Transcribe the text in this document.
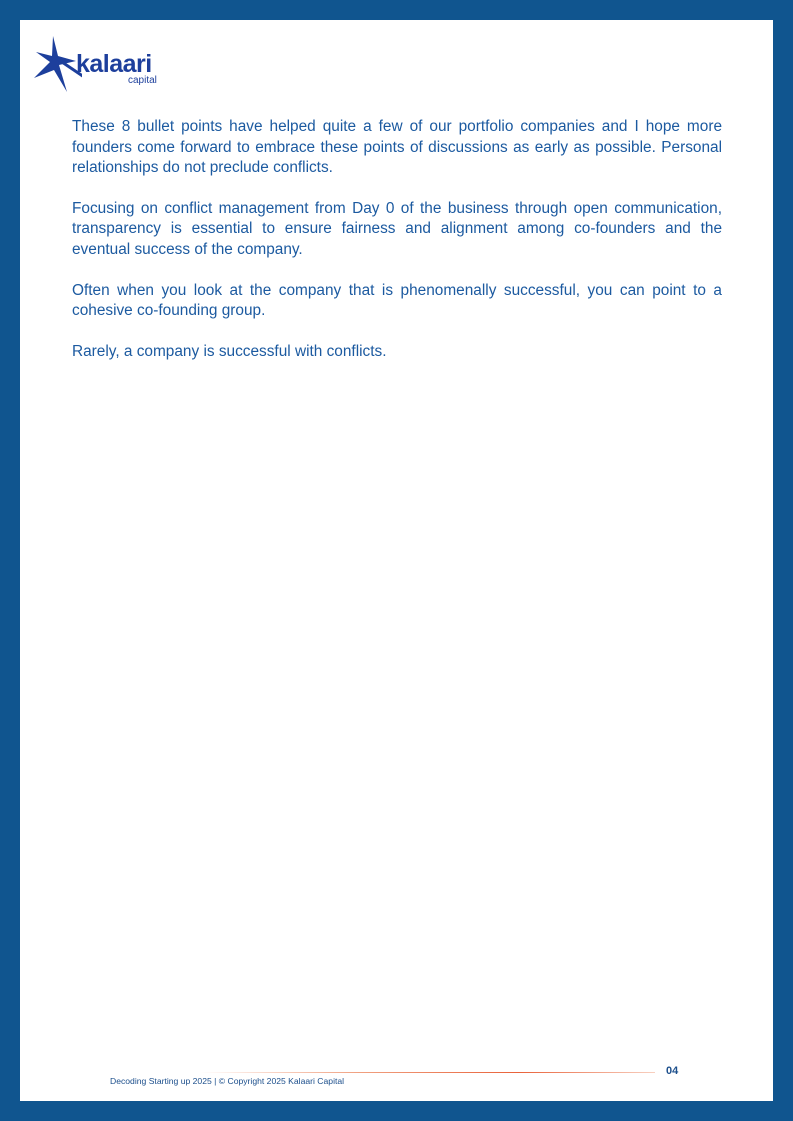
kalaari
capital

These 8 bullet points have helped quite a few of our portfolio companies and I hope more founders come forward to embrace these points of discussions as early as possible. Personal relationships do not preclude conflicts.

Focusing on conflict management from Day 0 of the business through open communication, transparency is essential to ensure fairness and alignment among co-founders and the eventual success of the company.

Often when you look at the company that is phenomenally successful, you can point to a cohesive co-founding group.

Rarely, a company is successful with conflicts.

04
Decoding Starting up 2025 | © Copyright 2025 Kalaari Capital
